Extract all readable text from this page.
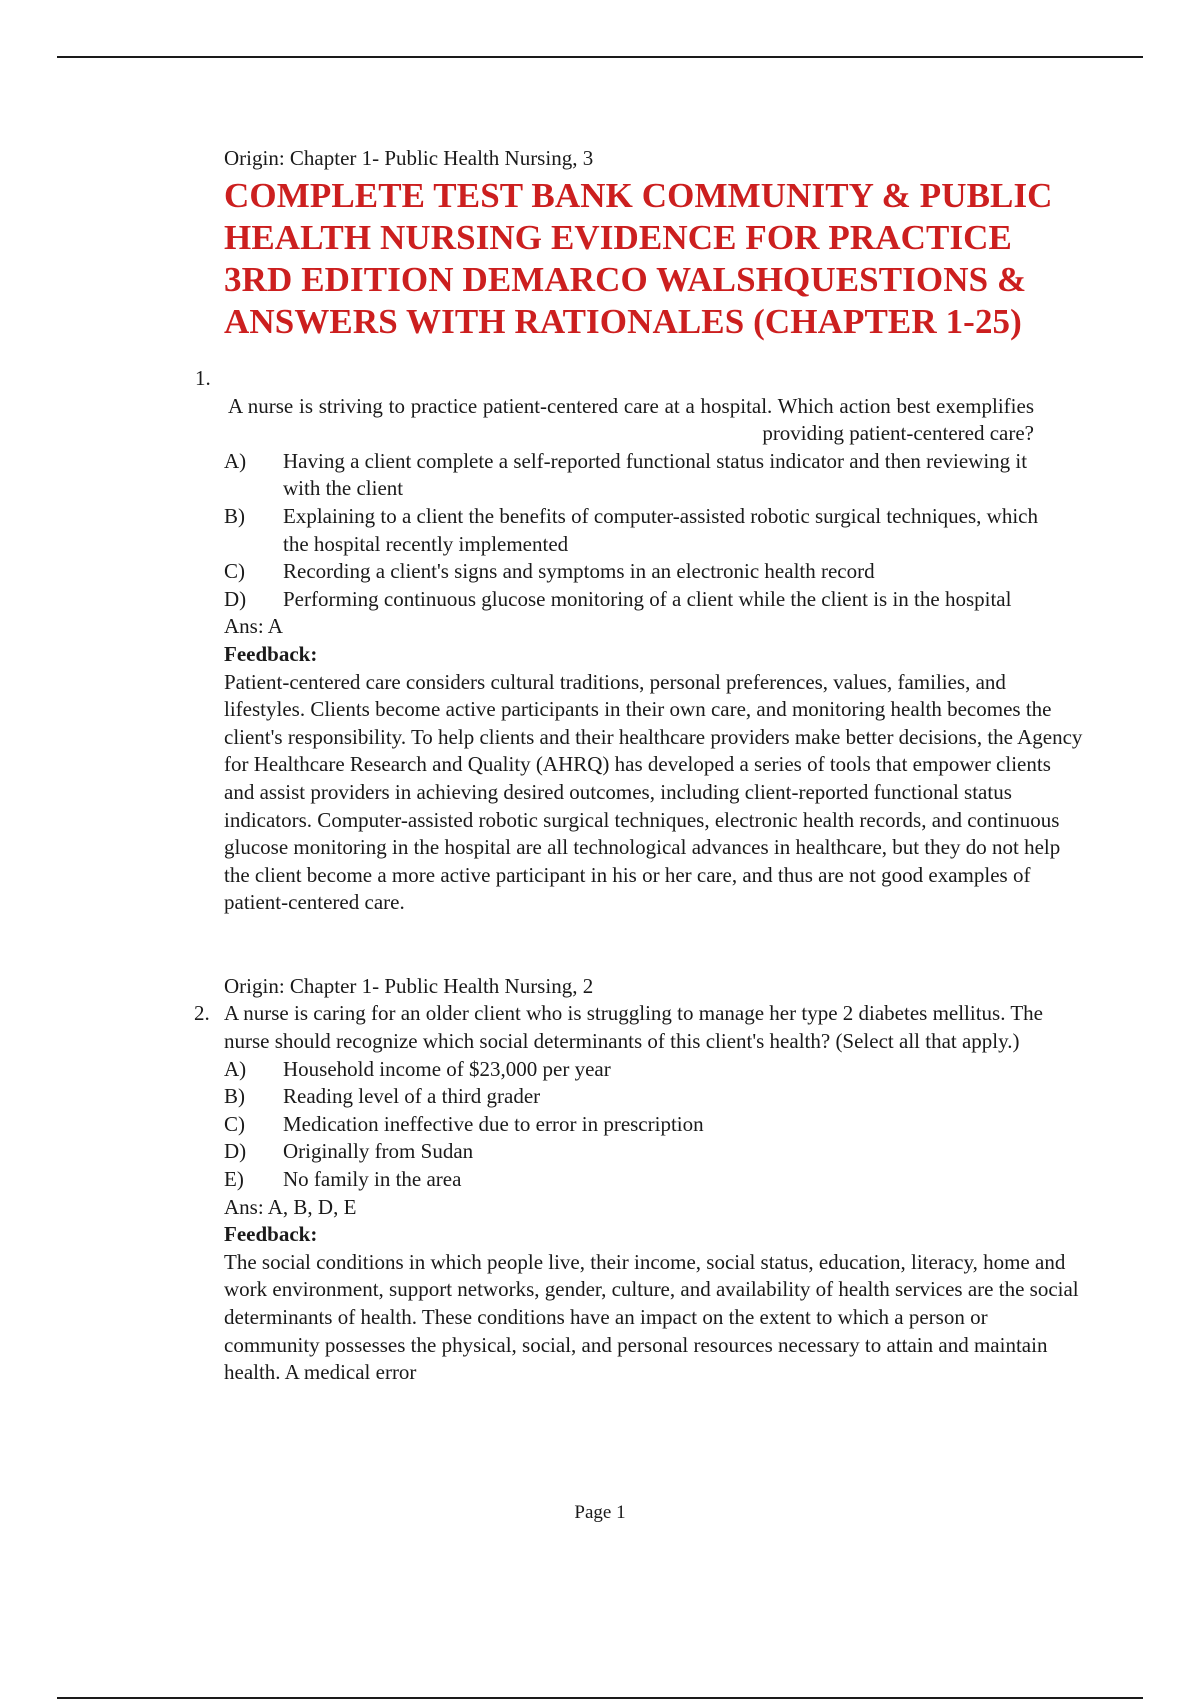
Origin: Chapter 1- Public Health Nursing, 3

COMPLETE TEST BANK COMMUNITY & PUBLIC
HEALTH NURSING EVIDENCE FOR PRACTICE
3RD EDITION DEMARCO WALSHQUESTIONS &
ANSWERS WITH RATIONALES (CHAPTER 1-25)
1.

A nurse is striving to practice patient-centered care at a hospital. Which action best exemplifies providing patient-centered care?

A)	Having a client complete a self-reported functional status indicator and then reviewing it with the client
B)	Explaining to a client the benefits of computer-assisted robotic surgical techniques, which the hospital recently implemented
C)	Recording a client's signs and symptoms in an electronic health record
D)	Performing continuous glucose monitoring of a client while the client is in the hospital

Ans: A

Feedback:

Patient-centered care considers cultural traditions, personal preferences, values, families, and lifestyles. Clients become active participants in their own care, and monitoring health becomes the client's responsibility. To help clients and their healthcare providers make better decisions, the Agency for Healthcare Research and Quality (AHRQ) has developed a series of tools that empower clients and assist providers in achieving desired outcomes, including client-reported functional status indicators. Computer-assisted robotic surgical techniques, electronic health records, and continuous glucose monitoring in the hospital are all technological advances in healthcare, but they do not help the client become a more active participant in his or her care, and thus are not good examples of patient-centered care.

Origin: Chapter 1- Public Health Nursing, 2

2. A nurse is caring for an older client who is struggling to manage her type 2 diabetes mellitus. The nurse should recognize which social determinants of this client's health? (Select all that apply.)

A)	Household income of $23,000 per year
B)	Reading level of a third grader
C)	Medication ineffective due to error in prescription
D)	Originally from Sudan
E)	No family in the area

Ans: A, B, D, E

Feedback:

The social conditions in which people live, their income, social status, education, literacy, home and work environment, support networks, gender, culture, and availability of health services are the social determinants of health. These conditions have an impact on the extent to which a person or community possesses the physical, social, and personal resources necessary to attain and maintain health. A medical error

Page 1
